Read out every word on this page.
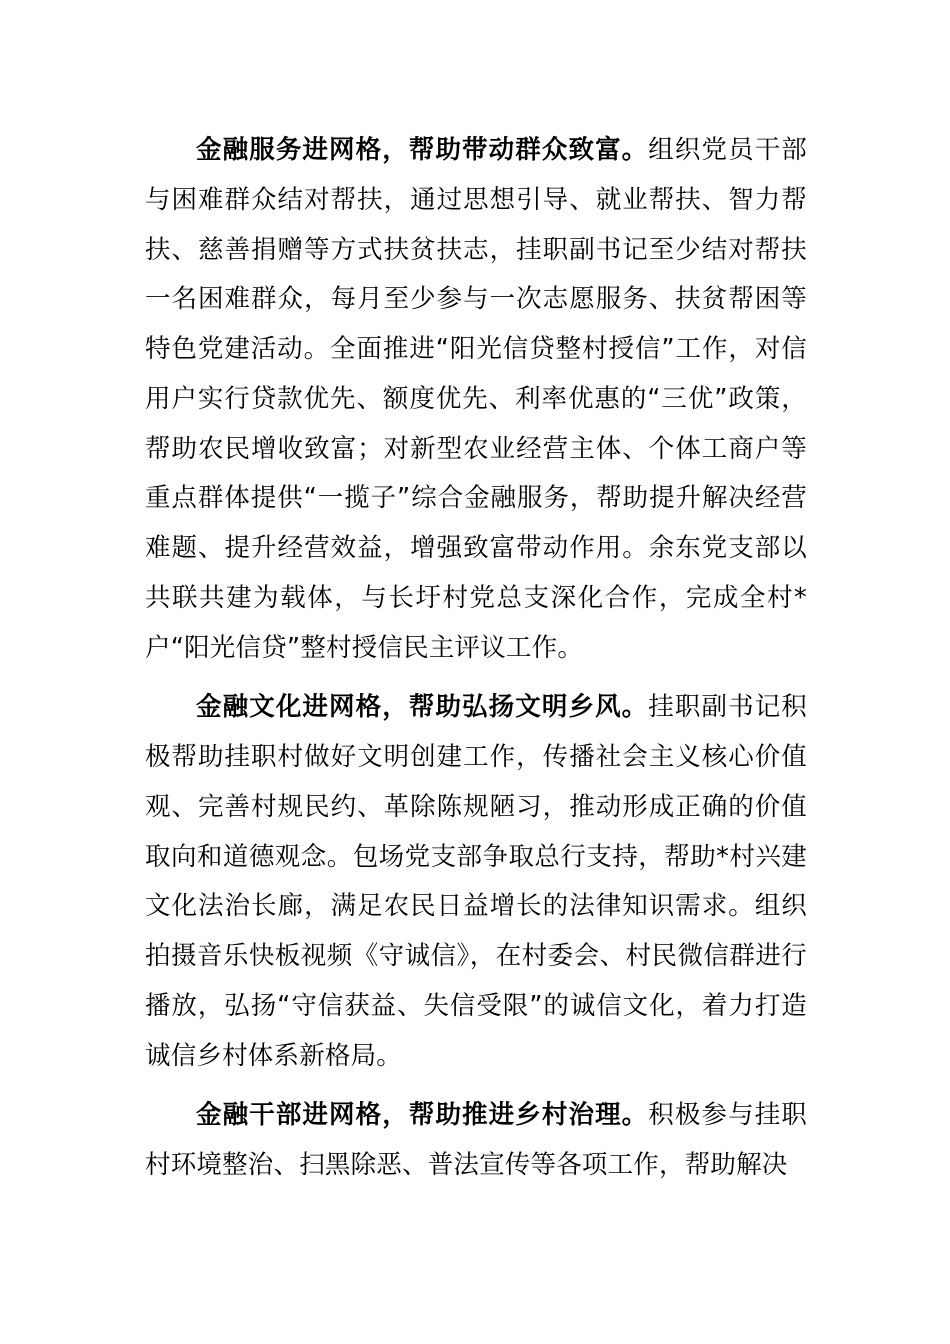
金融服务进网格，帮助带动群众致富。组织党员干部与困难群众结对帮扶，通过思想引导、就业帮扶、智力帮扶、慈善捐赠等方式扶贫扶志，挂职副书记至少结对帮扶一名困难群众，每月至少参与一次志愿服务、扶贫帮困等特色党建活动。全面推进“阳光信贷整村授信”工作，对信用户实行贷款优先、额度优先、利率优惠的“三优”政策，帮助农民增收致富；对新型农业经营主体、个体工商户等重点群体提供“一揽子”综合金融服务，帮助提升解决经营难题、提升经营效益，增强致富带动作用。余东党支部以共联共建为载体，与长圩村党总支深化合作，完成全村*户“阳光信贷”整村授信民主评议工作。

金融文化进网格，帮助弘扬文明乡风。挂职副书记积极帮助挂职村做好文明创建工作，传播社会主义核心价值观、完善村规民约、革除陈规陋习，推动形成正确的价值取向和道德观念。包场党支部争取总行支持，帮助*村兴建文化法治长廊，满足农民日益增长的法律知识需求。组织拍摄音乐快板视频《守诚信》，在村委会、村民微信群进行播放，弘扬“守信获益、失信受限”的诚信文化，着力打造诚信乡村体系新格局。

金融干部进网格，帮助推进乡村治理。积极参与挂职村环境整治、扫黑除恶、普法宣传等各项工作，帮助解决
